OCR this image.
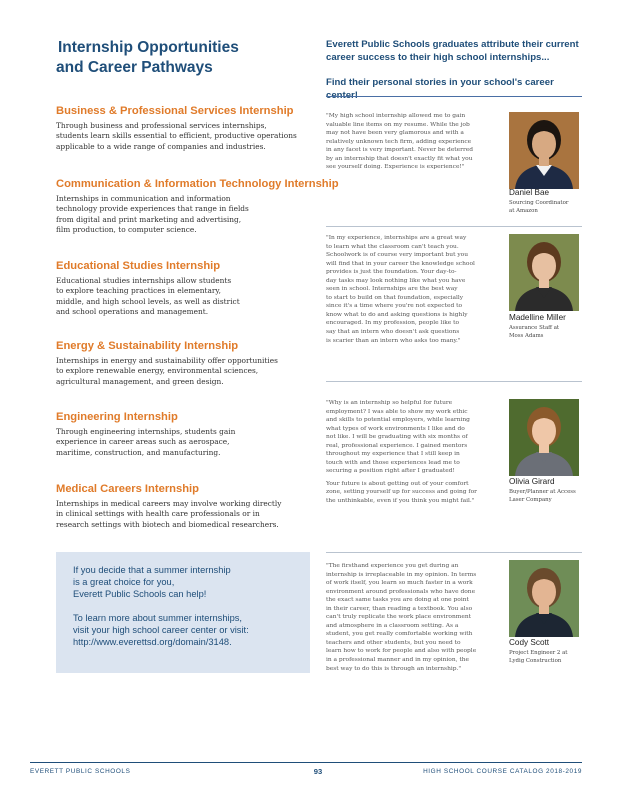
Internship Opportunities
and Career Pathways
Business & Professional Services Internship
Through business and professional services internships,
students learn skills essential to efficient, productive operations
applicable to a wide range of companies and industries.
Communication & Information Technology Internship
Internships in communication and information
technology provide experiences that range in fields
from digital and print marketing and advertising,
film production, to computer science.
Educational Studies Internship
Educational studies internships allow students
to explore teaching practices in elementary,
middle, and high school levels, as well as district
and school operations and management.
Energy & Sustainability Internship
Internships in energy and sustainability offer opportunities
to explore renewable energy, environmental sciences,
agricultural management, and green design.
Engineering Internship
Through engineering internships, students gain
experience in career areas such as aerospace,
maritime, construction, and manufacturing.
Medical Careers Internship
Internships in medical careers may involve working directly
in clinical settings with health care professionals or in
research settings with biotech and biomedical researchers.

If you decide that a summer internship
is a great choice for you,
Everett Public Schools can help!

To learn more about summer internships,
visit your high school career center or visit:
http://www.everettsd.org/domain/3148.

Everett Public Schools graduates attribute their current
career success to their high school internships...
Find their personal stories in your school's career center!

"My high school internship allowed me to gain
valuable line items on my resume. While the job
may not have been very glamorous and with a
relatively unknown tech firm, adding experience
in any facet is very important. Never be deterred
by an internship that doesn't exactly fit what you
see yourself doing. Experience is experience!"

Daniel Bae
Sourcing Coordinator
at Amazon

"In my experience, internships are a great way
to learn what the classroom can't teach you.
Schoolwork is of course very important but you
will find that in your career the knowledge school
provides is just the foundation. Your day-to-
day tasks may look nothing like what you have
seen in school. Internships are the best way
to start to build on that foundation, especially
since it's a time where you're not expected to
know what to do and asking questions is highly
encouraged. In my profession, people like to
say that an intern who doesn't ask questions
is scarier than an intern who asks too many."

Madelline Miller
Assurance Staff at
Moss Adams

"Why is an internship so helpful for future
employment? I was able to show my work ethic
and skills to potential employers, while learning
what types of work environments I like and do
not like. I will be graduating with six months of
real, professional experience. I gained mentors
throughout my experience that I still keep in
touch with and those experiences lead me to
securing a position right after I graduated!

Your future is about getting out of your comfort
zone, setting yourself up for success and going for
the unthinkable, even if you think you might fail."

Olivia Girard
Buyer/Planner at Access
Laser Company

"The firsthand experience you get during an
internship is irreplaceable in my opinion. In terms
of work itself, you learn so much faster in a work
environment around professionals who have done
the exact same tasks you are doing at one point
in their career, than reading a textbook. You also
can't truly replicate the work place environment
and atmosphere in a classroom setting. As a
student, you get really comfortable working with
teachers and other students, but you need to
learn how to work for people and also with people
in a professional manner and in my opinion, the
best way to do this is through an internship."

Cody Scott
Project Engineer 2 at
Lydig Construction
EVERETT PUBLIC SCHOOLS	93	HIGH SCHOOL COURSE CATALOG 2018-2019
